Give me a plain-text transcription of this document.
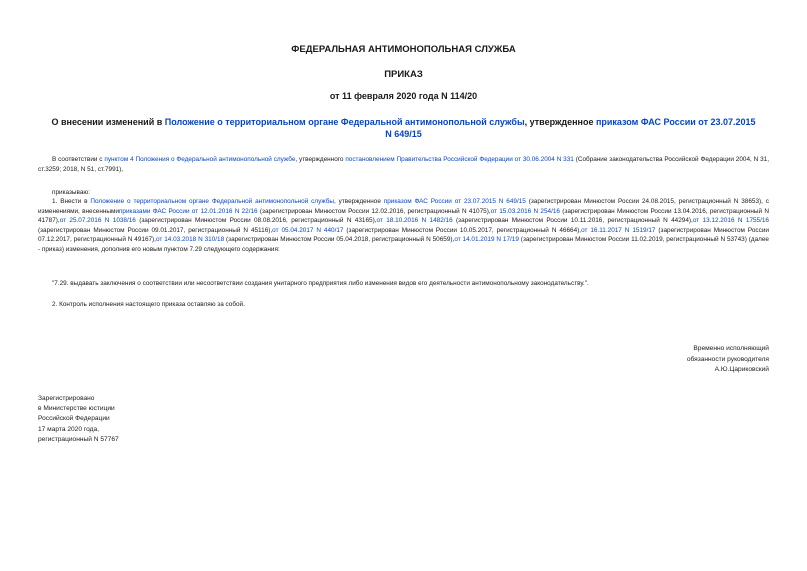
ФЕДЕРАЛЬНАЯ АНТИМОНОПОЛЬНАЯ СЛУЖБА
ПРИКАЗ
от 11 февраля 2020 года N 114/20
О внесении изменений в Положение о территориальном органе Федеральной антимонопольной службы, утвержденное приказом ФАС России от 23.07.2015 N 649/15
В соответствии с пунктом 4 Положения о Федеральной антимонопольной службе, утвержденного постановлением Правительства Российской Федерации от 30.06.2004 N 331 (Собрание законодательства Российской Федерации 2004, N 31, ст.3259; 2018, N 51, ст.7991),
приказываю:
1. Внести в Положение о территориальном органе Федеральной антимонопольной службы, утвержденное приказом ФАС России от 23.07.2015 N 649/15 (зарегистрирован Минюстом России 24.08.2015, регистрационный N 38653), с изменениями, внесеннымиприказами ФАС России от 12.01.2016 N 22/16 (зарегистрирован Минюстом России 12.02.2016, регистрационный N 41075),от 15.03.2016 N 254/16 (зарегистрирован Минюстом России 13.04.2016, регистрационный N 41787),от 25.07.2016 N 1038/16 (зарегистрирован Минюстом России 08.08.2016, регистрационный N 43165),от 18.10.2016 N 1482/16 (зарегистрирован Минюстом России 10.11.2016, регистрационный N 44294),от 13.12.2016 N 1755/16 (зарегистрирован Минюстом России 09.01.2017, регистрационный N 45116),от 05.04.2017 N 440/17 (зарегистрирован Минюстом России 10.05.2017, регистрационный N 46664),от 16.11.2017 N 1519/17 (зарегистрирован Минюстом России 07.12.2017, регистрационный N 49167),от 14.03.2018 N 310/18 (зарегистрирован Минюстом России 05.04.2018, регистрационный N 50659),от 14.01.2019 N 17/19 (зарегистрирован Минюстом России 11.02.2019, регистрационный N 53743) (далее - приказ) изменения, дополнив его новым пунктом 7.29 следующего содержания:
"7.29. выдавать заключения о соответствии или несоответствии создания унитарного предприятия либо изменения видов его деятельности антимонопольному законодательству.".
2. Контроль исполнения настоящего приказа оставляю за собой.
Временно исполняющий
обязанности руководителя
А.Ю.Цариковский
Зарегистрировано
в Министерстве юстиции
Российской Федерации
17 марта 2020 года,
регистрационный N 57767
